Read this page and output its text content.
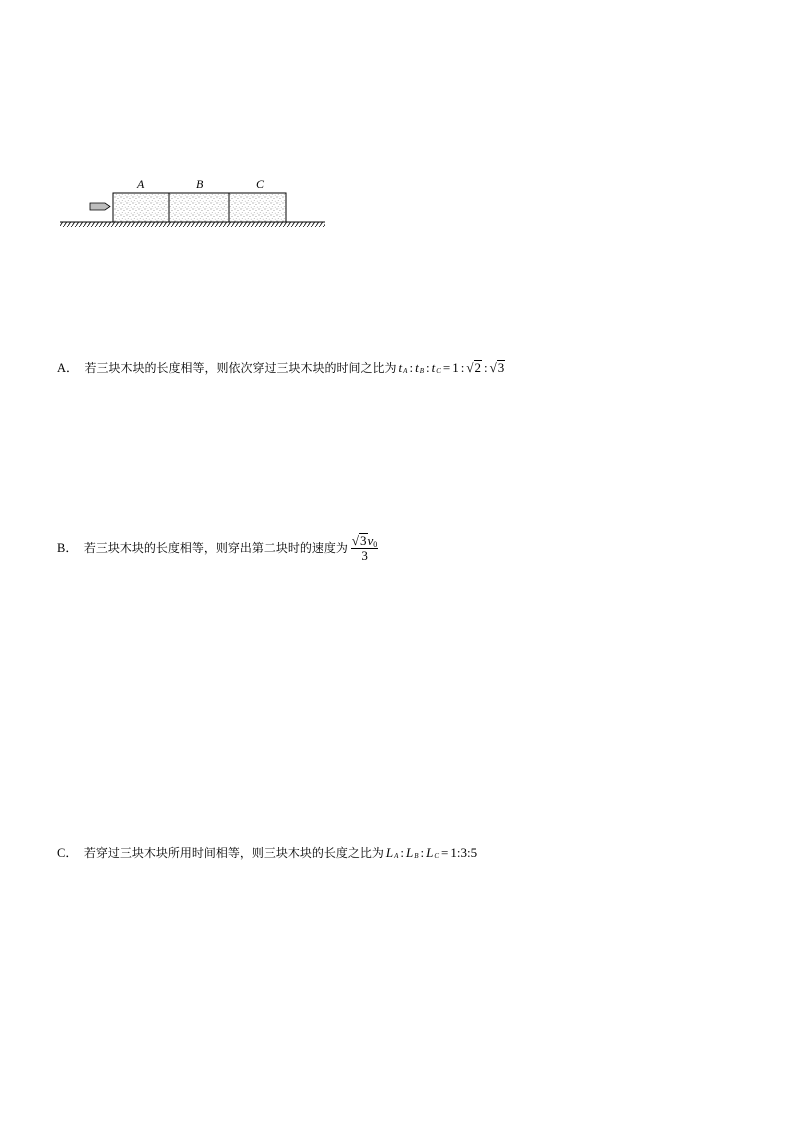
A	B	C
A． 若三块木块的长度相等，则依次穿过三块木块的时间之比为 t A : t B : t C = 1 : √ 2 : √ 3
B． 若三块木块的长度相等，则穿出第二块时的速度为 $\frac{√ 3 v 0}{3}$
C． 若穿过三块木块所用时间相等，则三块木块的长度之比为 L A : L B : L C = 1:3:5
